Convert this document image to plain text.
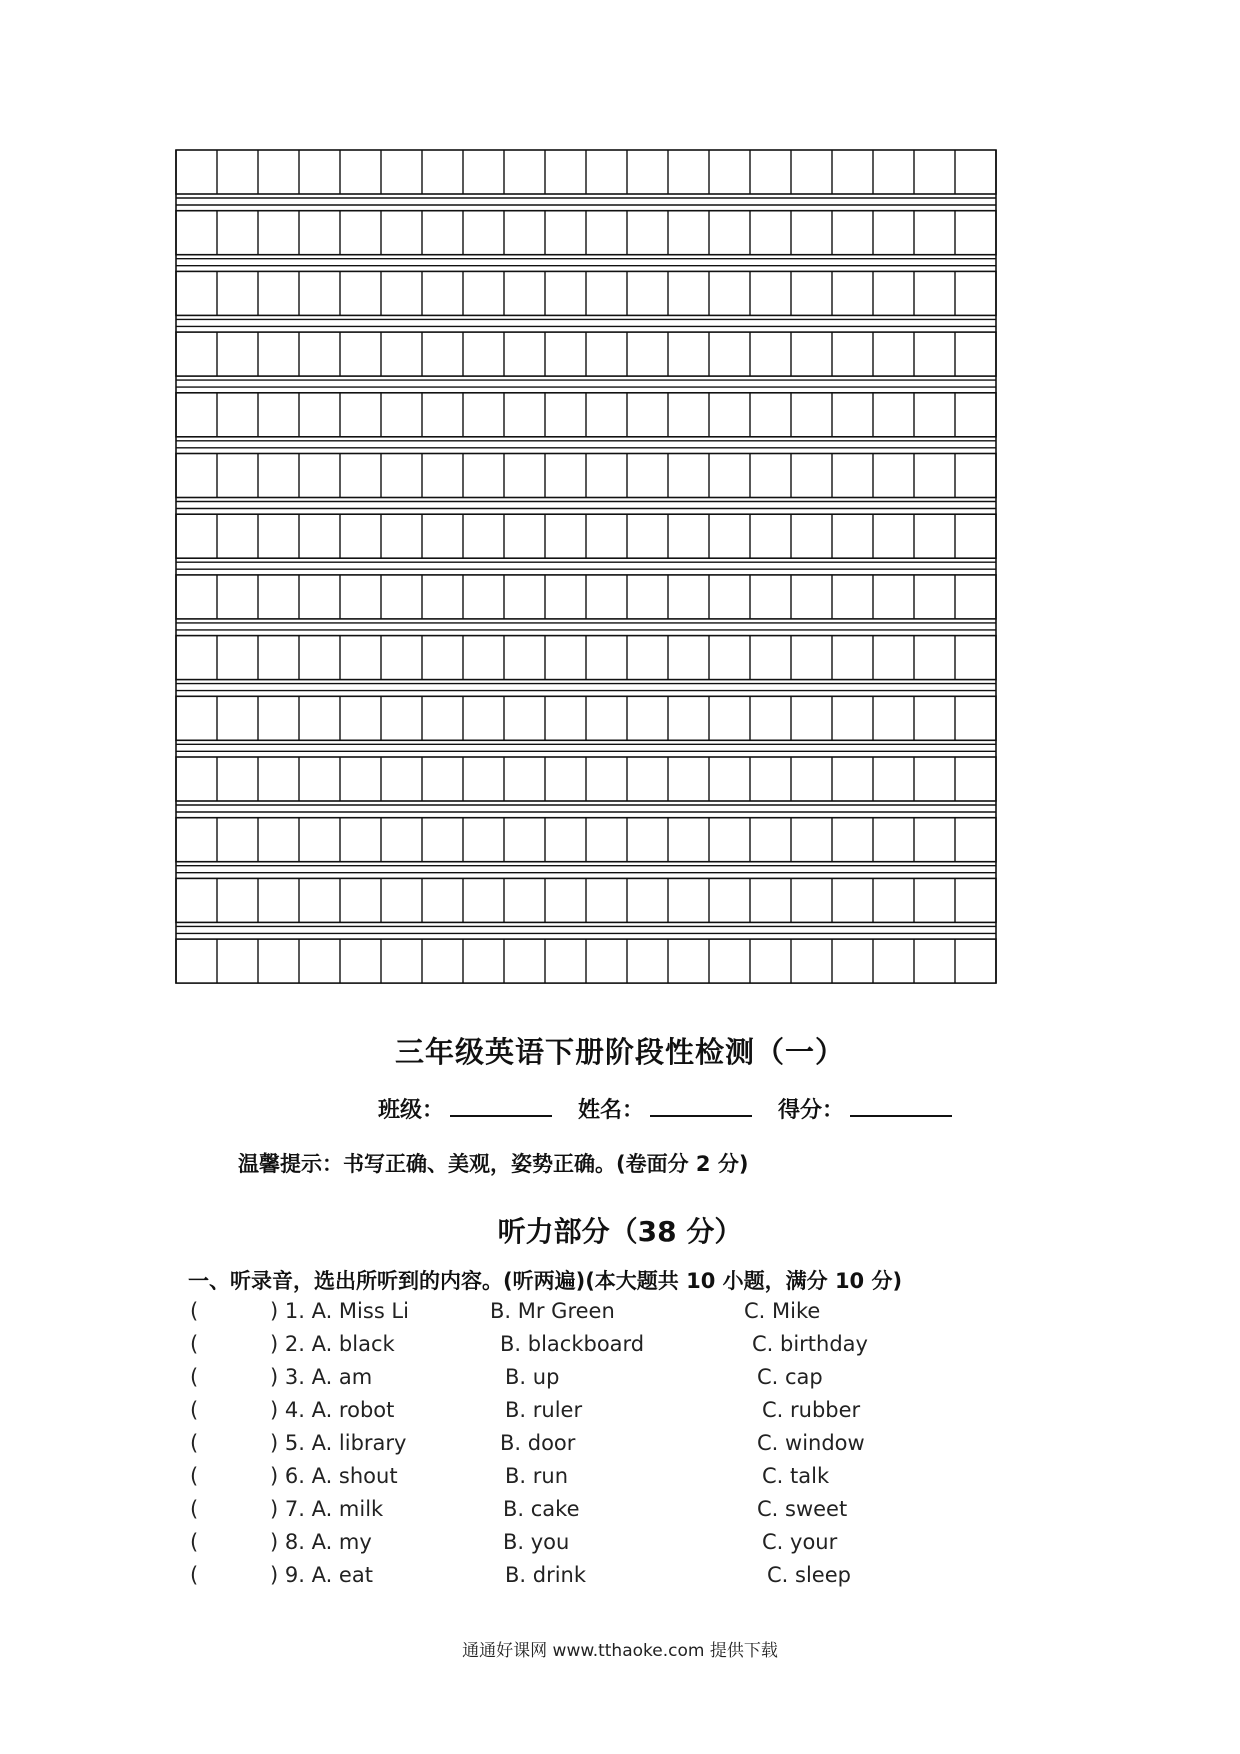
三年级英语下册阶段性检测（一）
班级：	姓名：	得分：
温馨提示：书写正确、美观，姿势正确。(卷面分 2 分)
听力部分（38 分）
一、听录音，选出所听到的内容。(听两遍)(本大题共 10 小题，满分 10 分)
(	) 1. A. Miss Li	B. Mr Green	C. Mike
(	) 2. A. black	B. blackboard	C. birthday
(	) 3. A. am	B. up	C. cap
(	) 4. A. robot	B. ruler	C. rubber
(	) 5. A. library	B. door	C. window
(	) 6. A. shout	B. run	C. talk
(	) 7. A. milk	B. cake	C. sweet
(	) 8. A. my	B. you	C. your
(	) 9. A. eat	B. drink	C. sleep
通通好课网 www.tthaoke.com 提供下载
